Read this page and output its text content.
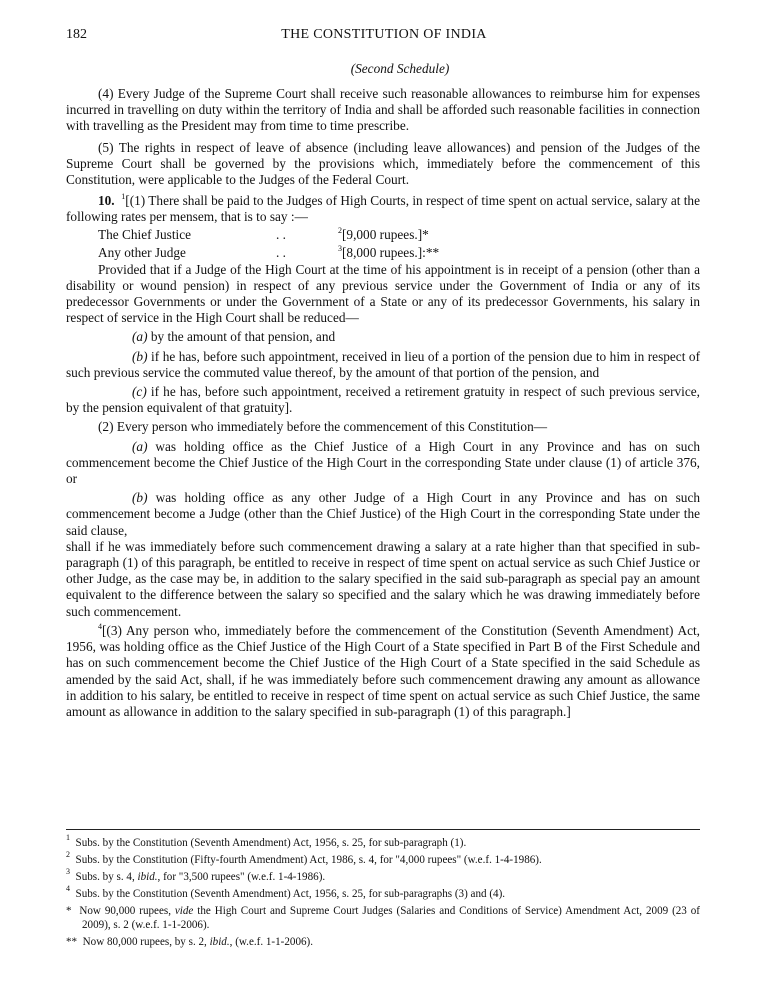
182	THE CONSTITUTION OF INDIA
(Second Schedule)

(4) Every Judge of the Supreme Court shall receive such reasonable allowances to reimburse him for expenses incurred in travelling on duty within the territory of India and shall be afforded such reasonable facilities in connection with travelling as the President may from time to time prescribe.

(5) The rights in respect of leave of absence (including leave allowances) and pension of the Judges of the Supreme Court shall be governed by the provisions which, immediately before the commencement of this Constitution, were applicable to the Judges of the Federal Court.

10. $^1$[(1) There shall be paid to the Judges of High Courts, in respect of time spent on actual service, salary at the following rates per mensem, that is to say :—

The Chief Justice	. .	$^2$[9,000 rupees.]*
Any other Judge	. .	$^3$[8,000 rupees.]:**

Provided that if a Judge of the High Court at the time of his appointment is in receipt of a pension (other than a disability or wound pension) in respect of any previous service under the Government of India or any of its predecessor Governments or under the Government of a State or any of its predecessor Governments, his salary in respect of service in the High Court shall be reduced—

(a) by the amount of that pension, and

(b) if he has, before such appointment, received in lieu of a portion of the pension due to him in respect of such previous service the commuted value thereof, by the amount of that portion of the pension, and

(c) if he has, before such appointment, received a retirement gratuity in respect of such previous service, by the pension equivalent of that gratuity].

(2) Every person who immediately before the commencement of this Constitution—

(a) was holding office as the Chief Justice of a High Court in any Province and has on such commencement become the Chief Justice of the High Court in the corresponding State under clause (1) of article 376, or

(b) was holding office as any other Judge of a High Court in any Province and has on such commencement become a Judge (other than the Chief Justice) of the High Court in the corresponding State under the said clause,

shall if he was immediately before such commencement drawing a salary at a rate higher than that specified in sub-paragraph (1) of this paragraph, be entitled to receive in respect of time spent on actual service as such Chief Justice or other Judge, as the case may be, in addition to the salary specified in the said sub-paragraph as special pay an amount equivalent to the difference between the salary so specified and the salary which he was drawing immediately before such commencement.

$^4$[(3) Any person who, immediately before the commencement of the Constitution (Seventh Amendment) Act, 1956, was holding office as the Chief Justice of the High Court of a State specified in Part B of the First Schedule and has on such commencement become the Chief Justice of the High Court of a State specified in the said Schedule as amended by the said Act, shall, if he was immediately before such commencement drawing any amount as allowance in addition to his salary, be entitled to receive in respect of time spent on actual service as such Chief Justice, the same amount as allowance in addition to the salary specified in sub-paragraph (1) of this paragraph.]

$^1$ Subs. by the Constitution (Seventh Amendment) Act, 1956, s. 25, for sub-paragraph (1).

$^2$ Subs. by the Constitution (Fifty-fourth Amendment) Act, 1986, s. 4, for "4,000 rupees" (w.e.f. 1-4-1986).

$^3$ Subs. by s. 4, ibid., for "3,500 rupees" (w.e.f. 1-4-1986).

$^4$ Subs. by the Constitution (Seventh Amendment) Act, 1956, s. 25, for sub-paragraphs (3) and (4).

* Now 90,000 rupees, vide the High Court and Supreme Court Judges (Salaries and Conditions of Service) Amendment Act, 2009 (23 of 2009), s. 2 (w.e.f. 1-1-2006).

** Now 80,000 rupees, by s. 2, ibid., (w.e.f. 1-1-2006).
